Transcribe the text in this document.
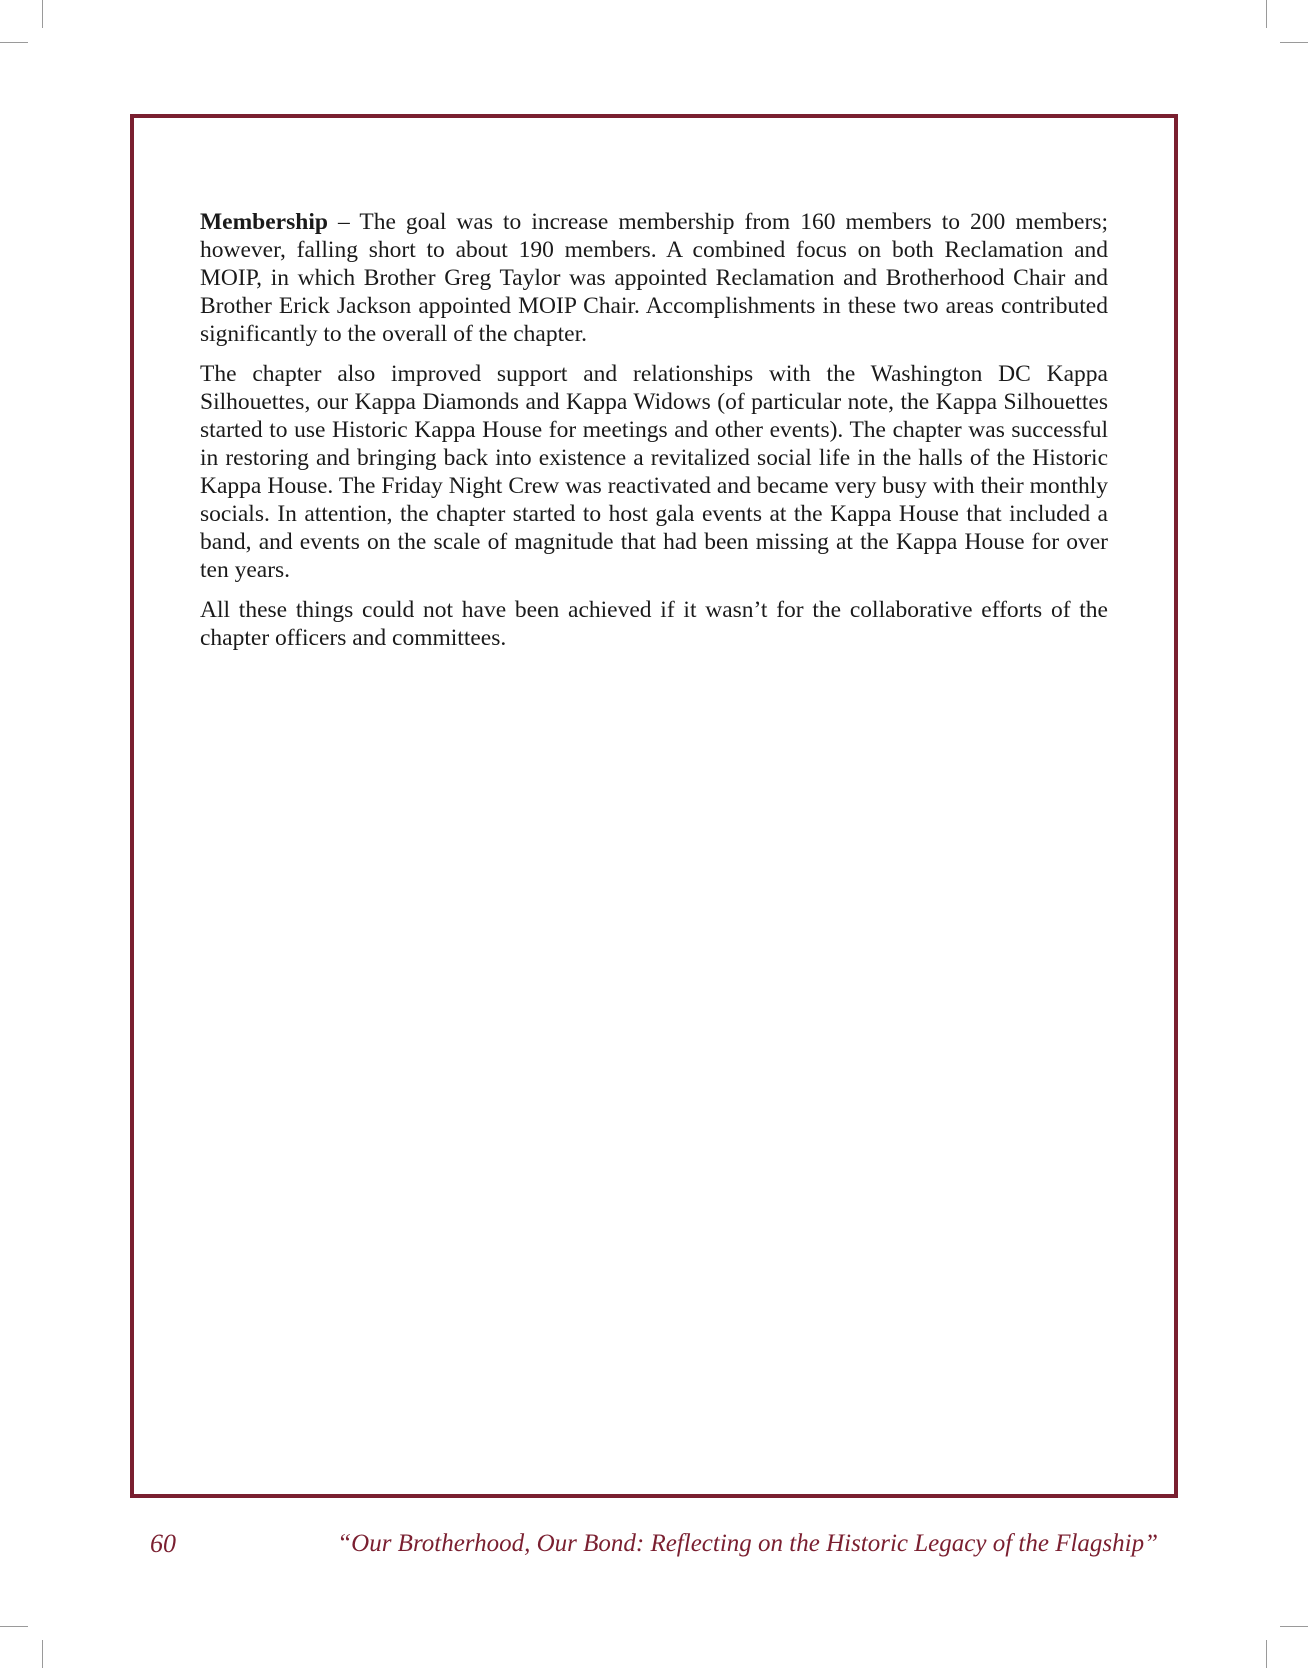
Membership – The goal was to increase membership from 160 members to 200 members; however, falling short to about 190 members. A combined focus on both Reclamation and MOIP, in which Brother Greg Taylor was appointed Reclamation and Brotherhood Chair and Brother Erick Jackson appointed MOIP Chair. Accomplishments in these two areas contributed significantly to the overall of the chapter.

The chapter also improved support and relationships with the Washington DC Kappa Silhouettes, our Kappa Diamonds and Kappa Widows (of particular note, the Kappa Silhouettes started to use Historic Kappa House for meetings and other events). The chapter was successful in restoring and bringing back into existence a revitalized social life in the halls of the Historic Kappa House. The Friday Night Crew was reactivated and became very busy with their monthly socials. In attention, the chapter started to host gala events at the Kappa House that included a band, and events on the scale of magnitude that had been missing at the Kappa House for over ten years.

All these things could not have been achieved if it wasn’t for the collaborative efforts of the chapter officers and committees.

60	“Our Brotherhood, Our Bond: Reflecting on the Historic Legacy of the Flagship”
